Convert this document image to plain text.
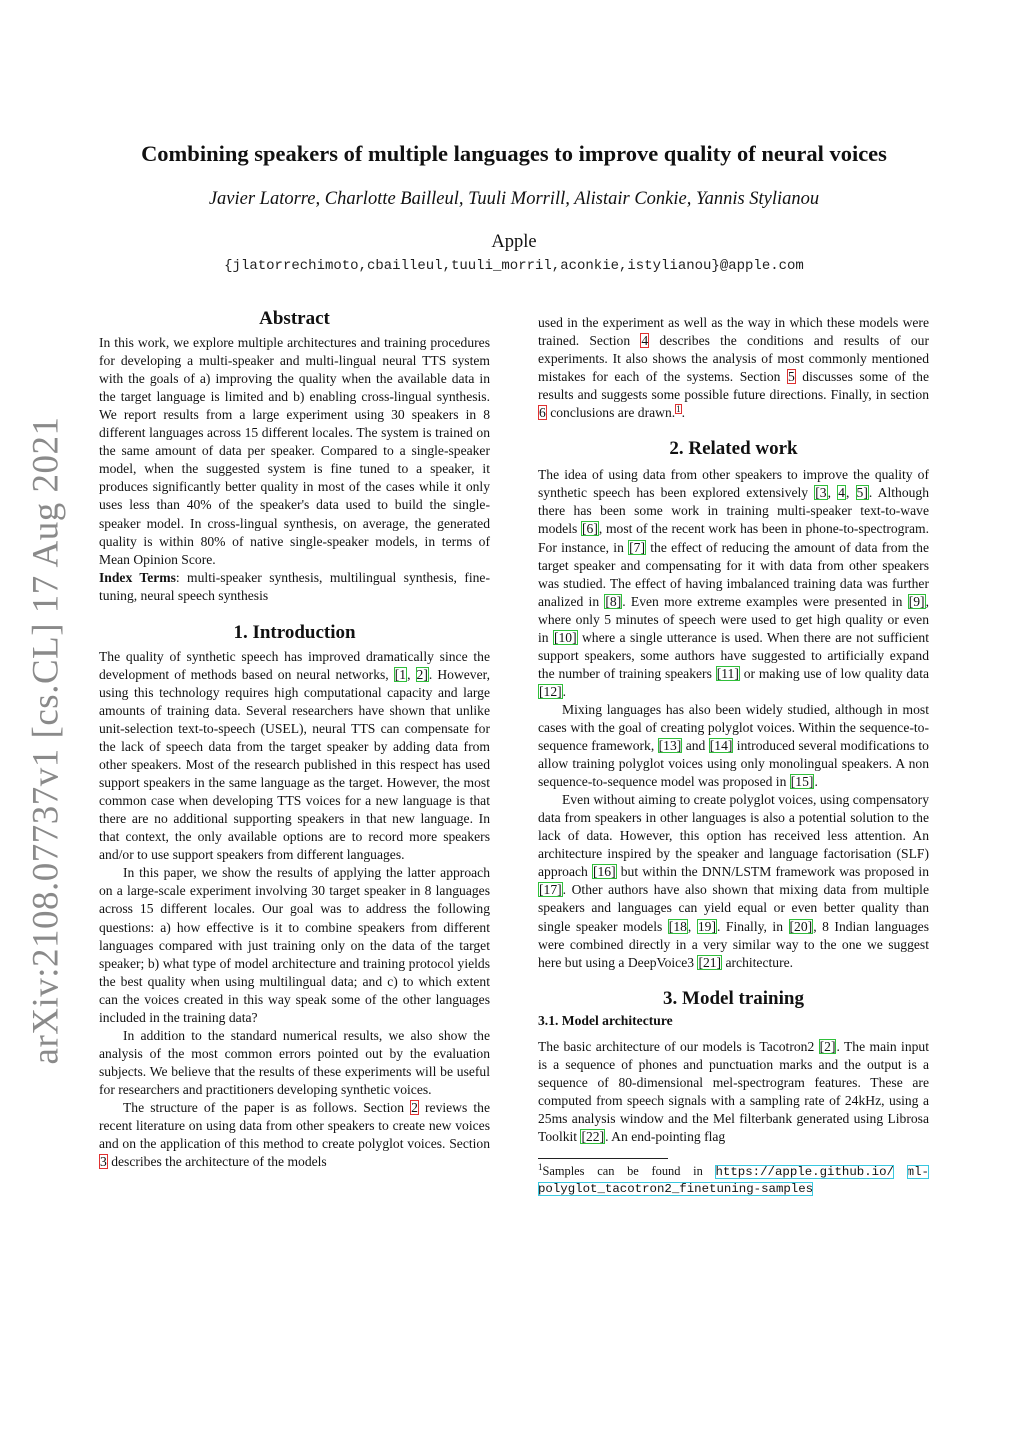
arXiv:2108.07737v1 [cs.CL] 17 Aug 2021
Combining speakers of multiple languages to improve quality of neural voices
Javier Latorre, Charlotte Bailleul, Tuuli Morrill, Alistair Conkie, Yannis Stylianou
Apple
{jlatorrechimoto,cbailleul,tuuli_morril,aconkie,istylianou}@apple.com
Abstract

In this work, we explore multiple architectures and training procedures for developing a multi-speaker and multi-lingual neural TTS system with the goals of a) improving the quality when the available data in the target language is limited and b) enabling cross-lingual synthesis. We report results from a large experiment using 30 speakers in 8 different languages across 15 different locales. The system is trained on the same amount of data per speaker. Compared to a single-speaker model, when the suggested system is fine tuned to a speaker, it produces significantly better quality in most of the cases while it only uses less than 40% of the speaker's data used to build the single-speaker model. In cross-lingual synthesis, on average, the generated quality is within 80% of native single-speaker models, in terms of Mean Opinion Score.

Index Terms: multi-speaker synthesis, multilingual synthesis, fine-tuning, neural speech synthesis

1. Introduction

The quality of synthetic speech has improved dramatically since the development of methods based on neural networks, [1, 2]. However, using this technology requires high computational capacity and large amounts of training data. Several researchers have shown that unlike unit-selection text-to-speech (USEL), neural TTS can compensate for the lack of speech data from the target speaker by adding data from other speakers. Most of the research published in this respect has used support speakers in the same language as the target. However, the most common case when developing TTS voices for a new language is that there are no additional supporting speakers in that new language. In that context, the only available options are to record more speakers and/or to use support speakers from different languages.

In this paper, we show the results of applying the latter approach on a large-scale experiment involving 30 target speaker in 8 languages across 15 different locales. Our goal was to address the following questions: a) how effective is it to combine speakers from different languages compared with just training only on the data of the target speaker; b) what type of model architecture and training protocol yields the best quality when using multilingual data; and c) to which extent can the voices created in this way speak some of the other languages included in the training data?

In addition to the standard numerical results, we also show the analysis of the most common errors pointed out by the evaluation subjects. We believe that the results of these experiments will be useful for researchers and practitioners developing synthetic voices.

The structure of the paper is as follows. Section 2 reviews the recent literature on using data from other speakers to create new voices and on the application of this method to create polyglot voices. Section 3 describes the architecture of the models

used in the experiment as well as the way in which these models were trained. Section 4 describes the conditions and results of our experiments. It also shows the analysis of most commonly mentioned mistakes for each of the systems. Section 5 discusses some of the results and suggests some possible future directions. Finally, in section 6 conclusions are drawn.$^1$.

2. Related work

The idea of using data from other speakers to improve the quality of synthetic speech has been explored extensively [3, 4, 5]. Although there has been some work in training multi-speaker text-to-wave models [6], most of the recent work has been in phone-to-spectrogram. For instance, in [7] the effect of reducing the amount of data from the target speaker and compensating for it with data from other speakers was studied. The effect of having imbalanced training data was further analized in [8]. Even more extreme examples were presented in [9], where only 5 minutes of speech were used to get high quality or even in [10] where a single utterance is used. When there are not sufficient support speakers, some authors have suggested to artificially expand the number of training speakers [11] or making use of low quality data [12].

Mixing languages has also been widely studied, although in most cases with the goal of creating polyglot voices. Within the sequence-to-sequence framework, [13] and [14] introduced several modifications to allow training polyglot voices using only monolingual speakers. A non sequence-to-sequence model was proposed in [15].

Even without aiming to create polyglot voices, using compensatory data from speakers in other languages is also a potential solution to the lack of data. However, this option has received less attention. An architecture inspired by the speaker and language factorisation (SLF) approach [16] but within the DNN/LSTM framework was proposed in [17]. Other authors have also shown that mixing data from multiple speakers and languages can yield equal or even better quality than single speaker models [18, 19]. Finally, in [20], 8 Indian languages were combined directly in a very similar way to the one we suggest here but using a DeepVoice3 [21] architecture.

3. Model training
3.1. Model architecture

The basic architecture of our models is Tacotron2 [2]. The main input is a sequence of phones and punctuation marks and the output is a sequence of 80-dimensional mel-spectrogram features. These are computed from speech signals with a sampling rate of 24kHz, using a 25ms analysis window and the Mel filterbank generated using Librosa Toolkit [22]. An end-pointing flag

$^1$Samples can be found in https://apple.github.io/ ml-polyglot_tacotron2_finetuning-samples
